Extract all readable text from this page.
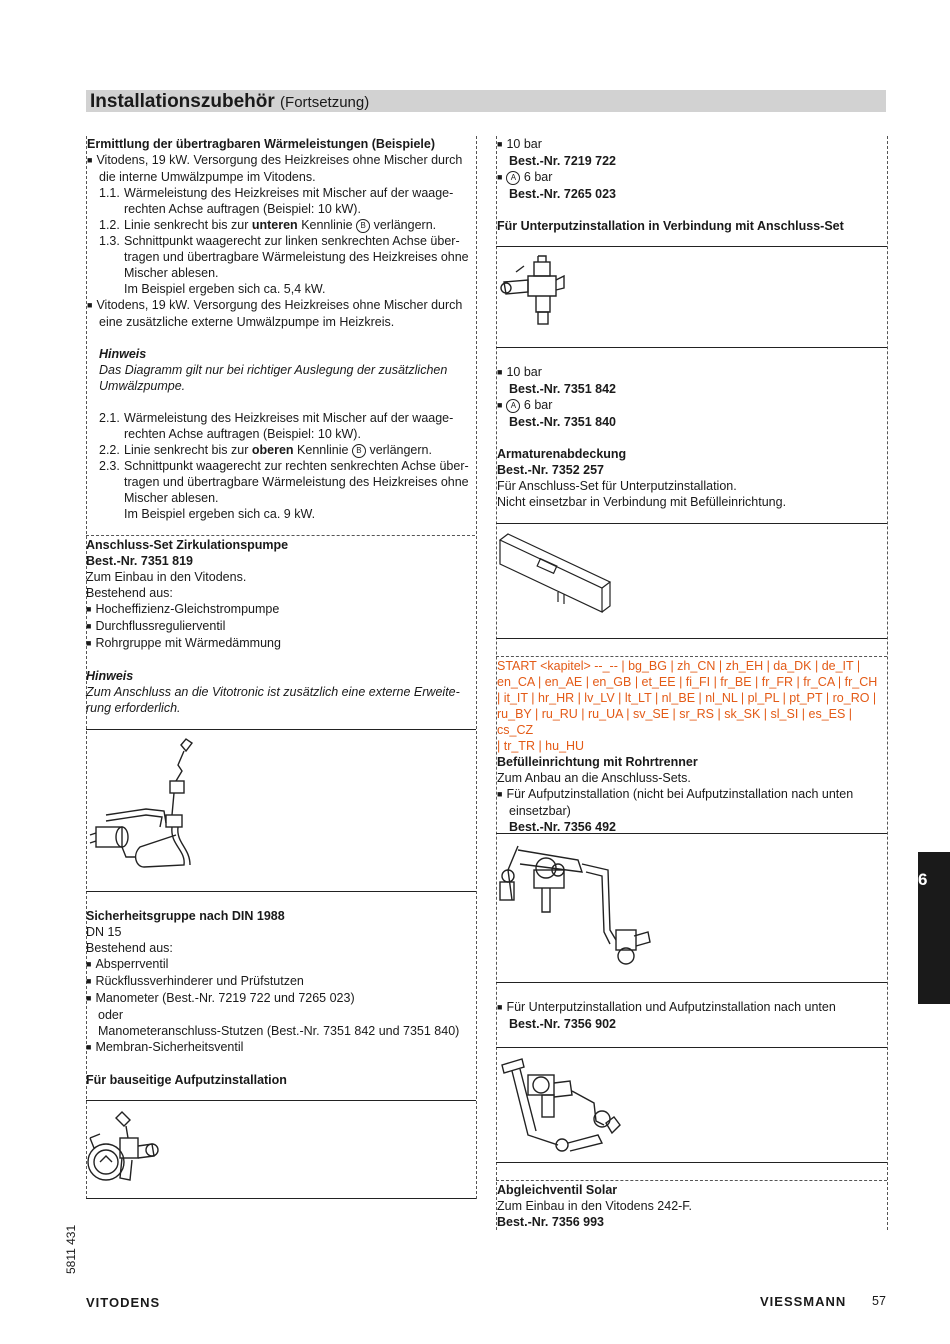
Installationszubehör (Fortsetzung)

Ermittlung der übertragbaren Wärmeleistungen (Beispiele)

■ Vitodens, 19 kW. Versorgung des Heizkreises ohne Mischer durch

die interne Umwälzpumpe im Vitodens.

1.1. Wärmeleistung des Heizkreises mit Mischer auf der waage-

rechten Achse auftragen (Beispiel: 10 kW).

1.2. Linie senkrecht bis zur unteren Kennlinie B verlängern.

1.3. Schnittpunkt waagerecht zur linken senkrechten Achse über-

tragen und übertragbare Wärmeleistung des Heizkreises ohne

Mischer ablesen.

Im Beispiel ergeben sich ca. 5,4 kW.

■ Vitodens, 19 kW. Versorgung des Heizkreises ohne Mischer durch

eine zusätzliche externe Umwälzpumpe im Heizkreis.

Hinweis

Das Diagramm gilt nur bei richtiger Auslegung der zusätzlichen

Umwälzpumpe.

2.1. Wärmeleistung des Heizkreises mit Mischer auf der waage-

rechten Achse auftragen (Beispiel: 10 kW).

2.2. Linie senkrecht bis zur oberen Kennlinie B verlängern.

2.3. Schnittpunkt waagerecht zur rechten senkrechten Achse über-

tragen und übertragbare Wärmeleistung des Heizkreises ohne

Mischer ablesen.

Im Beispiel ergeben sich ca. 9 kW.

Anschluss-Set Zirkulationspumpe

Best.-Nr. 7351 819

Zum Einbau in den Vitodens.

Bestehend aus:

■ Hocheffizienz-Gleichstrompumpe

■ Durchflussregulierventil

■ Rohrgruppe mit Wärmedämmung

Hinweis

Zum Anschluss an die Vitotronic ist zusätzlich eine externe Erweite-

rung erforderlich.

Sicherheitsgruppe nach DIN 1988

DN 15

Bestehend aus:

■ Absperrventil

■ Rückflussverhinderer und Prüfstutzen

■ Manometer (Best.-Nr. 7219 722 und 7265 023)

oder

Manometeranschluss-Stutzen (Best.-Nr. 7351 842 und 7351 840)

■ Membran-Sicherheitsventil

Für bauseitige Aufputzinstallation

■ 10 bar

Best.-Nr. 7219 722

■ A 6 bar

Best.-Nr. 7265 023

Für Unterputzinstallation in Verbindung mit Anschluss-Set

■ 10 bar

Best.-Nr. 7351 842

■ A 6 bar

Best.-Nr. 7351 840

Armaturenabdeckung

Best.-Nr. 7352 257

Für Anschluss-Set für Unterputzinstallation.

Nicht einsetzbar in Verbindung mit Befülleinrichtung.

START <kapitel> --_-- | bg_BG | zh_CN | zh_EH | da_DK | de_IT |

en_CA | en_AE | en_GB | et_EE | fi_FI | fr_BE | fr_FR | fr_CA | fr_CH

| it_IT | hr_HR | lv_LV | lt_LT | nl_BE | nl_NL | pl_PL | pt_PT | ro_RO |

ru_BY | ru_RU | ru_UA | sv_SE | sr_RS | sk_SK | sl_SI | es_ES | cs_CZ

| tr_TR | hu_HU

Befülleinrichtung mit Rohrtrenner

Zum Anbau an die Anschluss-Sets.

■ Für Aufputzinstallation (nicht bei Aufputzinstallation nach unten

einsetzbar)

Best.-Nr. 7356 492

■ Für Unterputzinstallation und Aufputzinstallation nach unten

Best.-Nr. 7356 902

Abgleichventil Solar

Zum Einbau in den Vitodens 242-F.

Best.-Nr. 7356 993

6
5811 431
VITODENS	VIESSMANN 57
